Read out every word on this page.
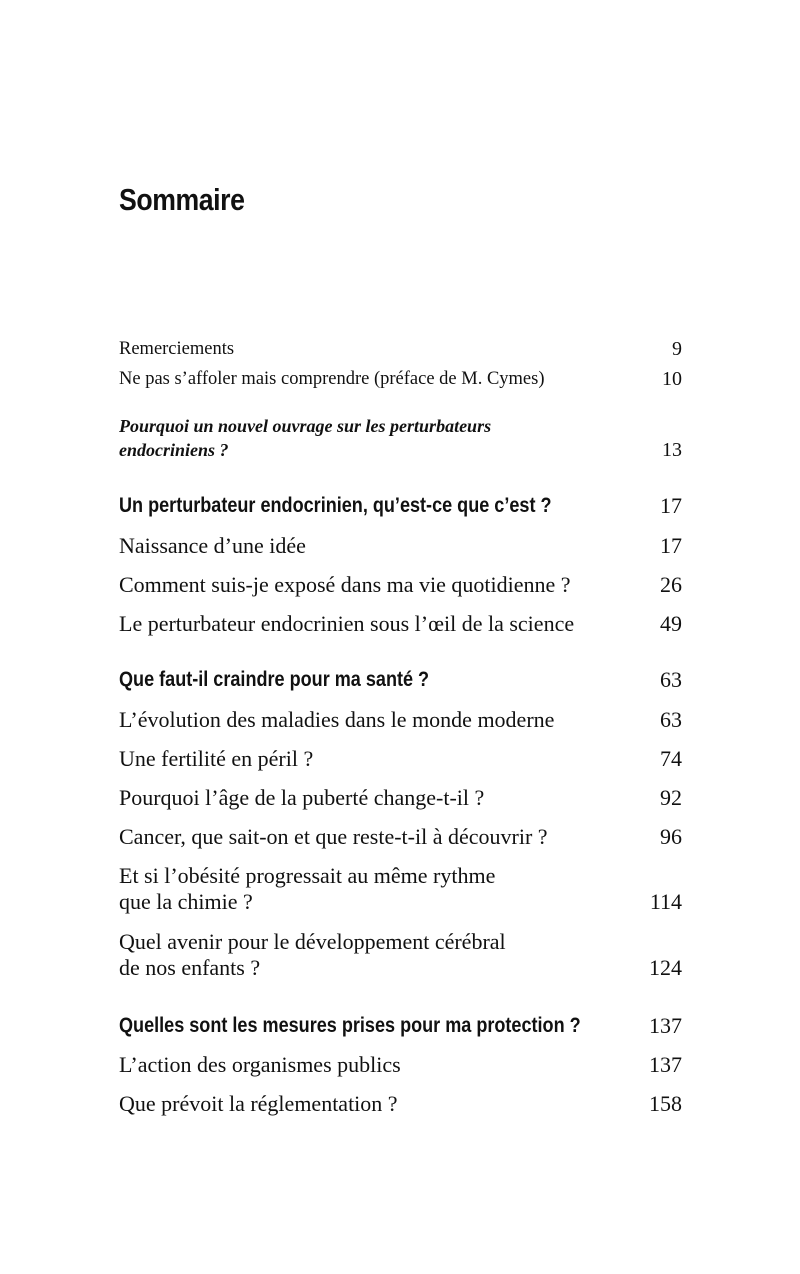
Sommaire
Remerciements	9
Ne pas s’affoler mais comprendre (préface de M. Cymes)	10
Pourquoi un nouvel ouvrage sur les perturbateurs
endocriniens ?	13
Un perturbateur endocrinien, qu’est-ce que c’est ?	17
Naissance d’une idée	17
Comment suis-je exposé dans ma vie quotidienne ?	26
Le perturbateur endocrinien sous l’œil de la science	49
Que faut-il craindre pour ma santé ?	63
L’évolution des maladies dans le monde moderne	63
Une fertilité en péril ?	74
Pourquoi l’âge de la puberté change-t-il ?	92
Cancer, que sait-on et que reste-t-il à découvrir ?	96
Et si l’obésité progressait au même rythme
que la chimie ?	114
Quel avenir pour le développement cérébral
de nos enfants ?	124
Quelles sont les mesures prises pour ma protection ?	137
L’action des organismes publics	137
Que prévoit la réglementation ?	158
